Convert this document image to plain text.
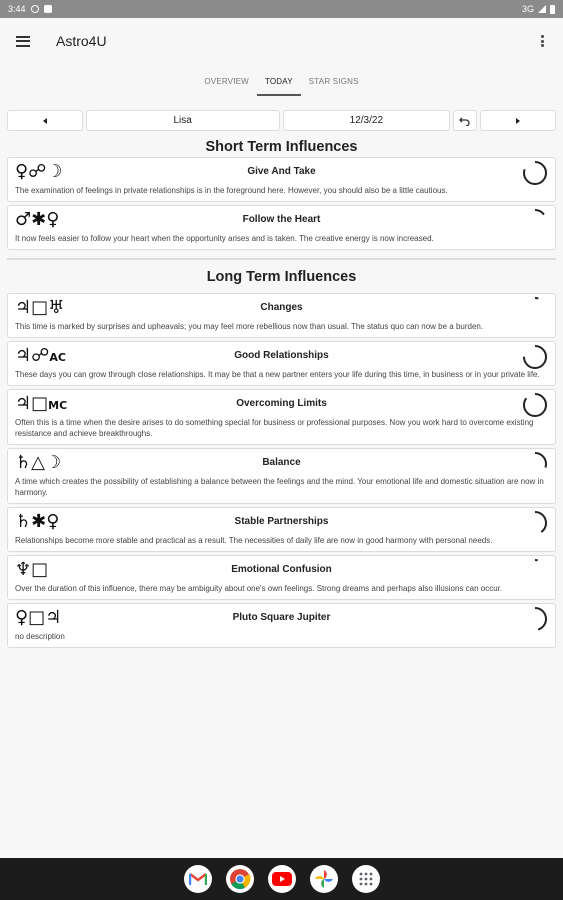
3:44	3G
Astro4U
OVERVIEW	TODAY	STAR SIGNS
Lisa	12/3/22
Short Term Influences
Give And Take
♀☍☽
The examination of feelings in private relationships is in the foreground here. However, you should also be a little cautious.
Follow the Heart
♂✱♀
It now feels easier to follow your heart when the opportunity arises and is taken. The creative energy is now increased.
Long Term Influences
Changes
♃□♅
This time is marked by surprises and upheavals; you may feel more rebellious now than usual. The status quo can now be a burden.
Good Relationships
♃☍AC
These days you can grow through close relationships. It may be that a new partner enters your life during this time, in business or in your private life.
Overcoming Limits
♃□MC
Often this is a time when the desire arises to do something special for business or professional purposes. Now you work hard to overcome existing resistance and achieve breakthroughs.
Balance
♄△☽
A time which creates the possibility of establishing a balance between the feelings and the mind. Your emotional life and domestic situation are now in harmony.
Stable Partnerships
♄✱♀
Relationships become more stable and practical as a result. The necessities of daily life are now in good harmony with personal needs.
Emotional Confusion
♆□
Over the duration of this influence, there may be ambiguity about one's own feelings. Strong dreams and perhaps also illusions can occur.
Pluto Square Jupiter
♀□♃
no description
